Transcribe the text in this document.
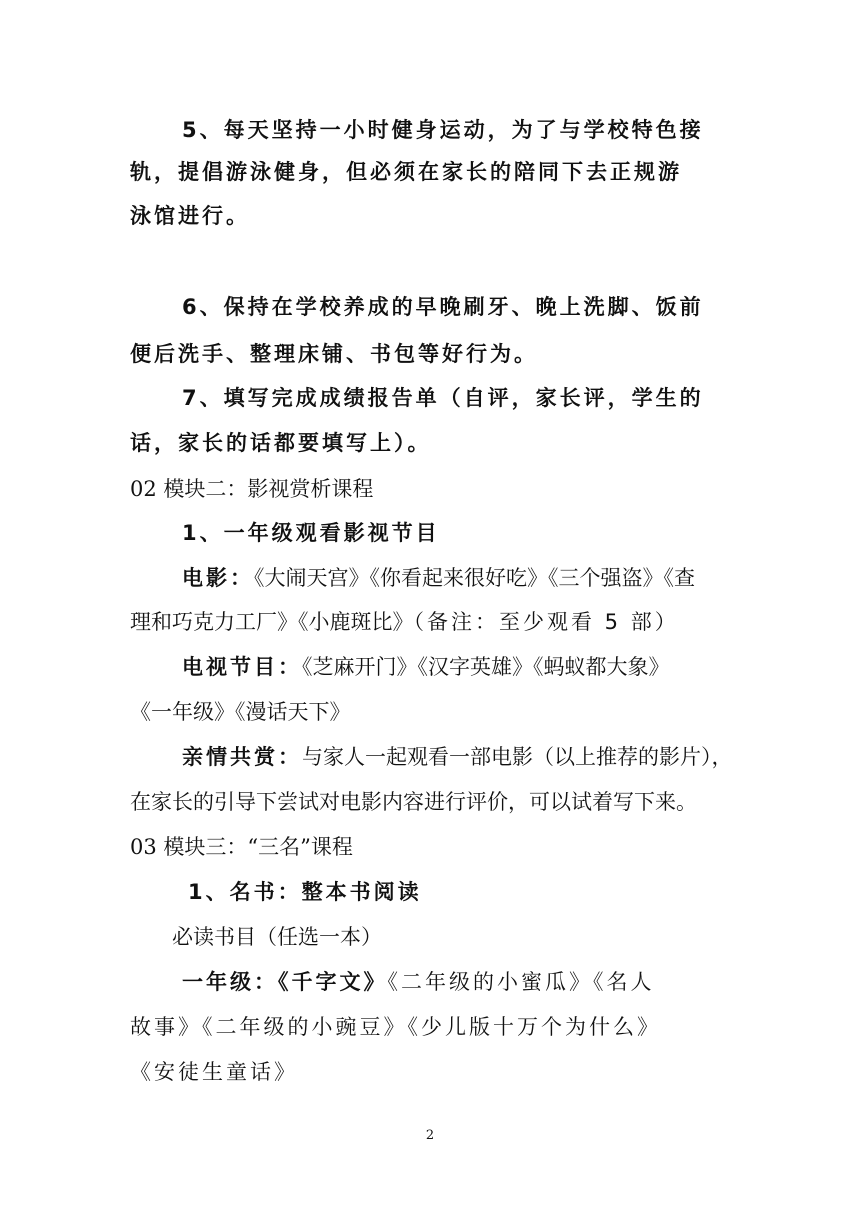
5、每天坚持一小时健身运动，为了与学校特色接
轨，提倡游泳健身，但必须在家长的陪同下去正规游
泳馆进行。
6、保持在学校养成的早晚刷牙、晚上洗脚、饭前
便后洗手、整理床铺、书包等好行为。
7、填写完成成绩报告单（自评，家长评，学生的
话，家长的话都要填写上）。
02 模块二：影视赏析课程
1、一年级观看影视节目
电影：《大闹天宫》《你看起来很好吃》《三个强盗》《查
理和巧克力工厂》《小鹿斑比》（备注：至少观看 5 部）
电视节目：《芝麻开门》《汉字英雄》《蚂蚁都大象》
《一年级》《漫话天下》
亲情共赏：与家人一起观看一部电影（以上推荐的影片），
在家长的引导下尝试对电影内容进行评价，可以试着写下来。
03 模块三：“三名”课程
1、名书：整本书阅读
必读书目（任选一本）
一年级：《千字文》《二年级的小蜜瓜》《名人
故事》《二年级的小豌豆》《少儿版十万个为什么》
《安徒生童话》
2
